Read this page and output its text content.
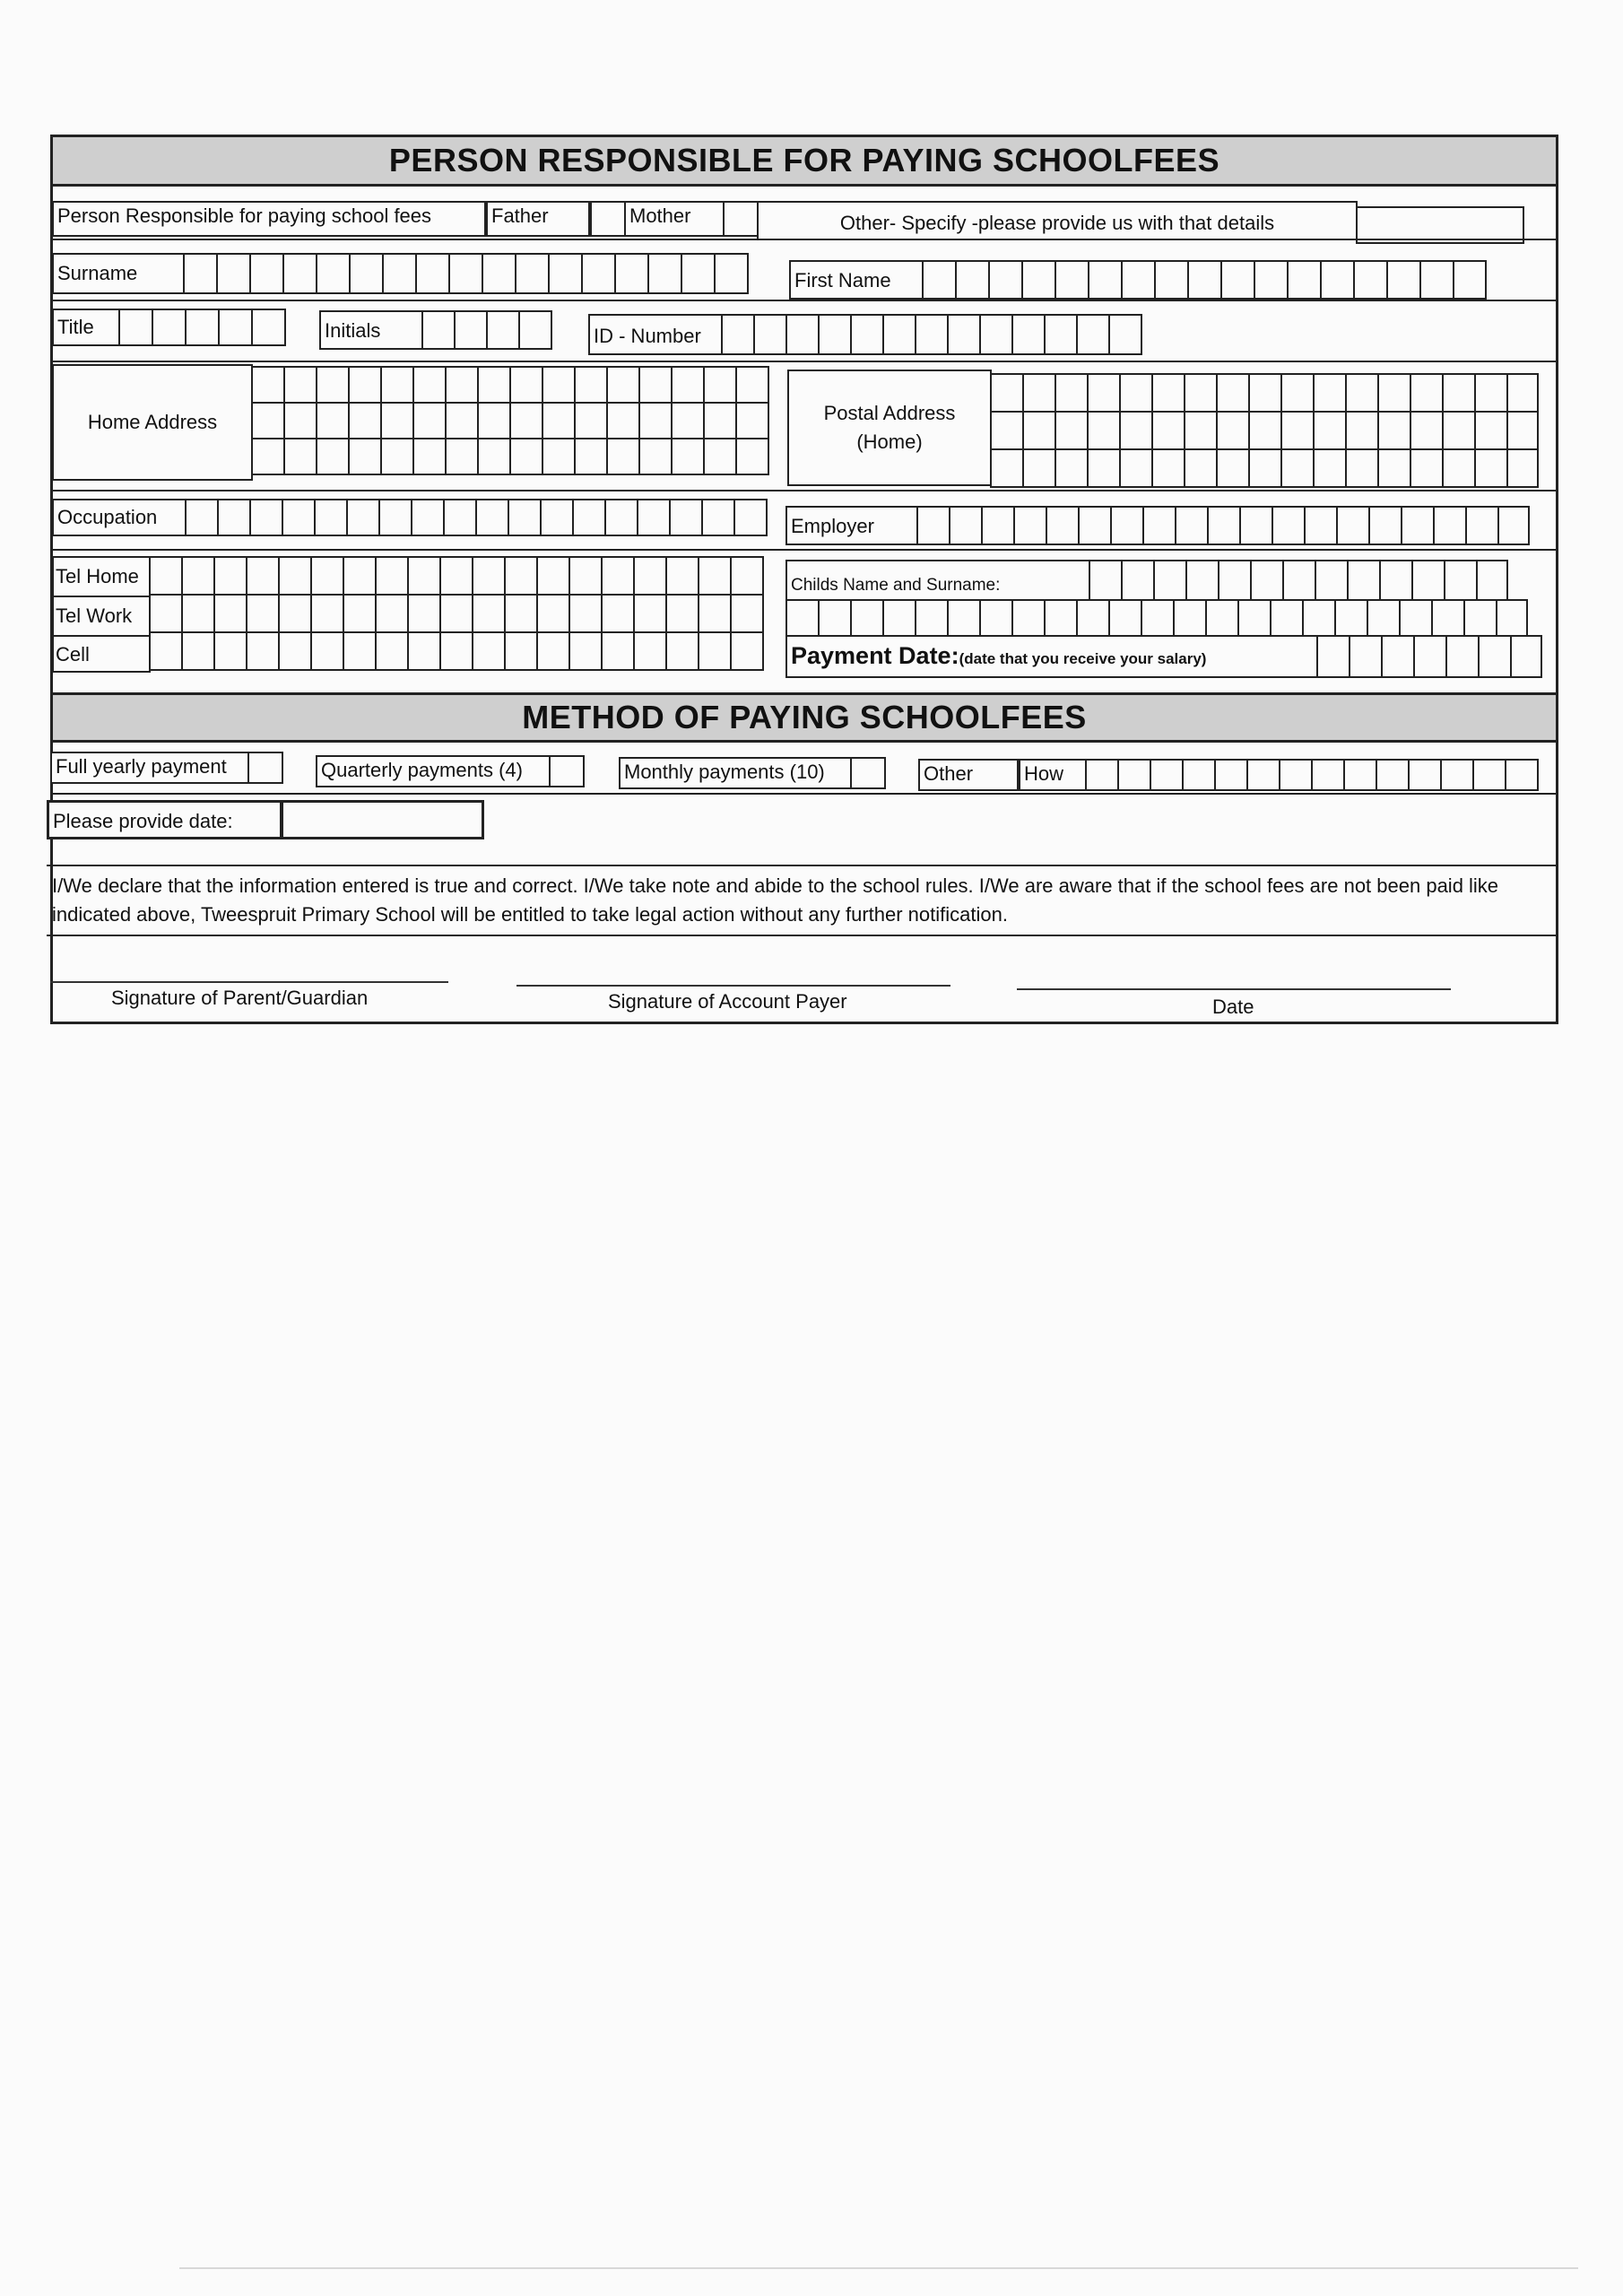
PERSON RESPONSIBLE FOR PAYING SCHOOLFEES
Person Responsible for paying school fees	Father	Mother	Other- Specify -please provide us with that details
Surname	First Name
Title	Initials	ID - Number
Home Address	Postal Address
(Home)
Occupation	Employer
Tel Home
Tel Work
Cell
Childs Name and Surname:
Payment Date:(date that you receive your salary)
METHOD OF PAYING SCHOOLFEES
Full yearly payment	Quarterly payments (4)	Monthly payments (10)	Other	How
Please provide date:
I/We declare that the information entered is true and correct. I/We take note and abide to the school rules. I/We are aware that if the school fees are not been paid like indicated above, Tweespruit Primary School will be entitled to take legal action without any further notification.
Signature of Parent/Guardian	Signature of Account Payer	Date
